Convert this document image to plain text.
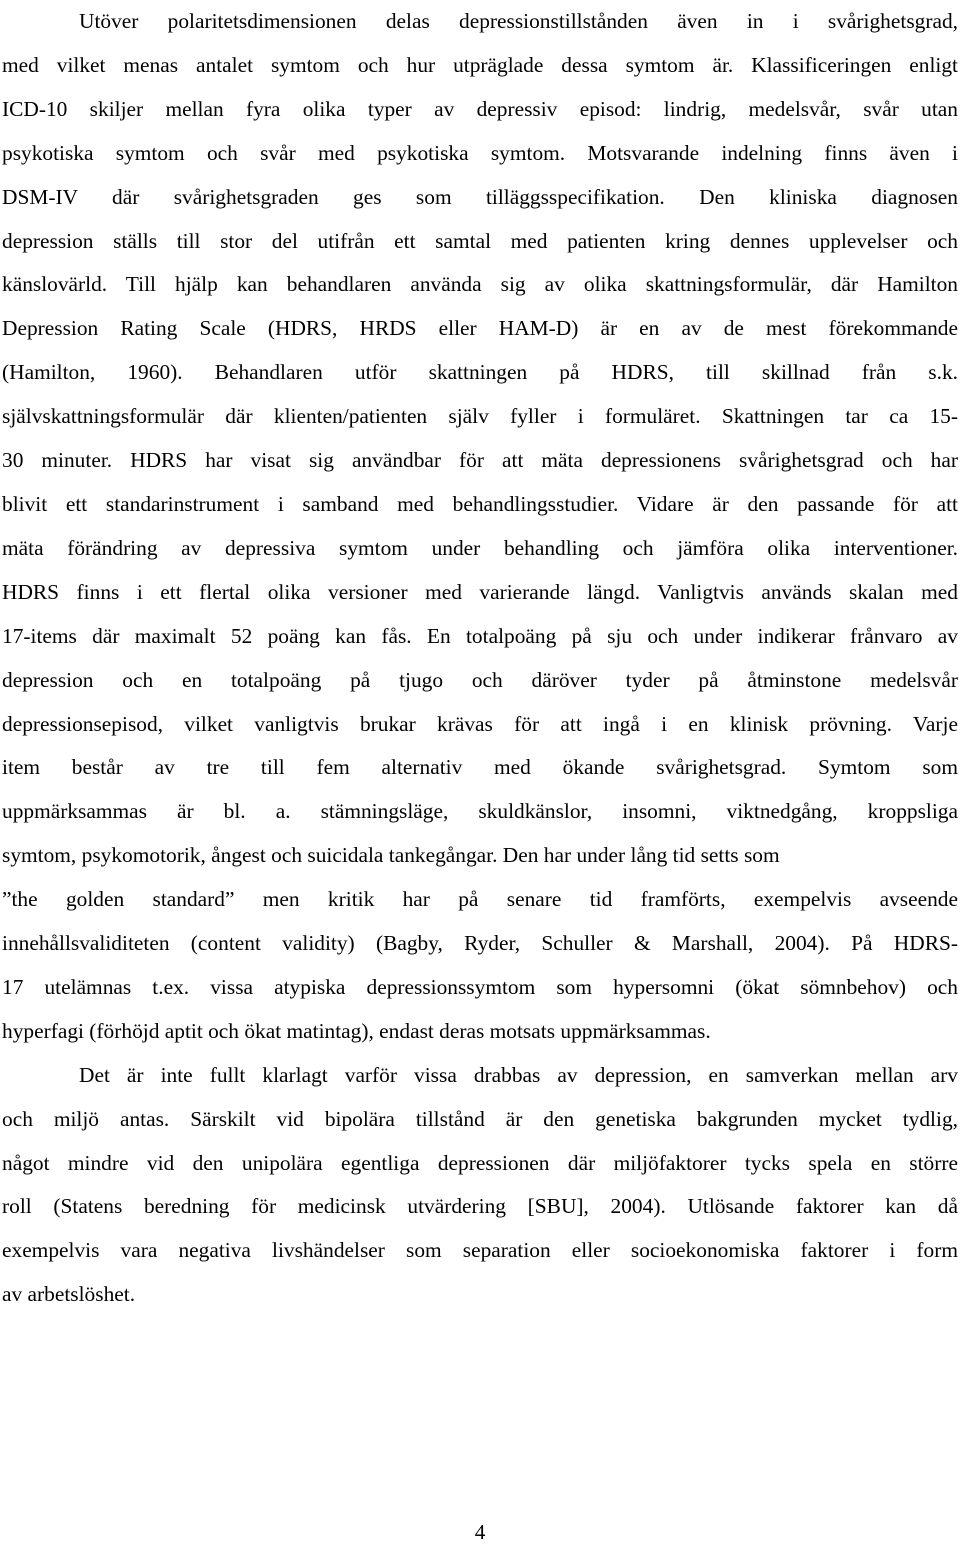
Utöver polaritetsdimensionen delas depressionstillstånden även in i svårighetsgrad,
med vilket menas antalet symtom och hur utpräglade dessa symtom är. Klassificeringen enligt
ICD-10 skiljer mellan fyra olika typer av depressiv episod: lindrig, medelsvår, svår utan
psykotiska symtom och svår med psykotiska symtom. Motsvarande indelning finns även i
DSM-IV där svårighetsgraden ges som tilläggsspecifikation. Den kliniska diagnosen
depression ställs till stor del utifrån ett samtal med patienten kring dennes upplevelser och
känslovärld. Till hjälp kan behandlaren använda sig av olika skattningsformulär, där Hamilton
Depression Rating Scale (HDRS, HRDS eller HAM-D) är en av de mest förekommande
(Hamilton, 1960). Behandlaren utför skattningen på HDRS, till skillnad från s.k.
självskattningsformulär där klienten/patienten själv fyller i formuläret. Skattningen tar ca 15-
30 minuter. HDRS har visat sig användbar för att mäta depressionens svårighetsgrad och har
blivit ett standarinstrument i samband med behandlingsstudier. Vidare är den passande för att
mäta förändring av depressiva symtom under behandling och jämföra olika interventioner.
HDRS finns i ett flertal olika versioner med varierande längd. Vanligtvis används skalan med
17-items där maximalt 52 poäng kan fås. En totalpoäng på sju och under indikerar frånvaro av
depression och en totalpoäng på tjugo och däröver tyder på åtminstone medelsvår
depressionsepisod, vilket vanligtvis brukar krävas för att ingå i en klinisk prövning. Varje
item består av tre till fem alternativ med ökande svårighetsgrad. Symtom som
uppmärksammas är bl. a. stämningsläge, skuldkänslor, insomni, viktnedgång, kroppsliga
symtom, psykomotorik, ångest och suicidala tankegångar. Den har under lång tid setts som
”the golden standard” men kritik har på senare tid framförts, exempelvis avseende
innehållsvaliditeten (content validity) (Bagby, Ryder, Schuller & Marshall, 2004). På HDRS-
17 utelämnas t.ex. vissa atypiska depressionssymtom som hypersomni (ökat sömnbehov) och
hyperfagi (förhöjd aptit och ökat matintag), endast deras motsats uppmärksammas.
Det är inte fullt klarlagt varför vissa drabbas av depression, en samverkan mellan arv
och miljö antas. Särskilt vid bipolära tillstånd är den genetiska bakgrunden mycket tydlig,
något mindre vid den unipolära egentliga depressionen där miljöfaktorer tycks spela en större
roll (Statens beredning för medicinsk utvärdering [SBU], 2004). Utlösande faktorer kan då
exempelvis vara negativa livshändelser som separation eller socioekonomiska faktorer i form
av arbetslöshet.
4
